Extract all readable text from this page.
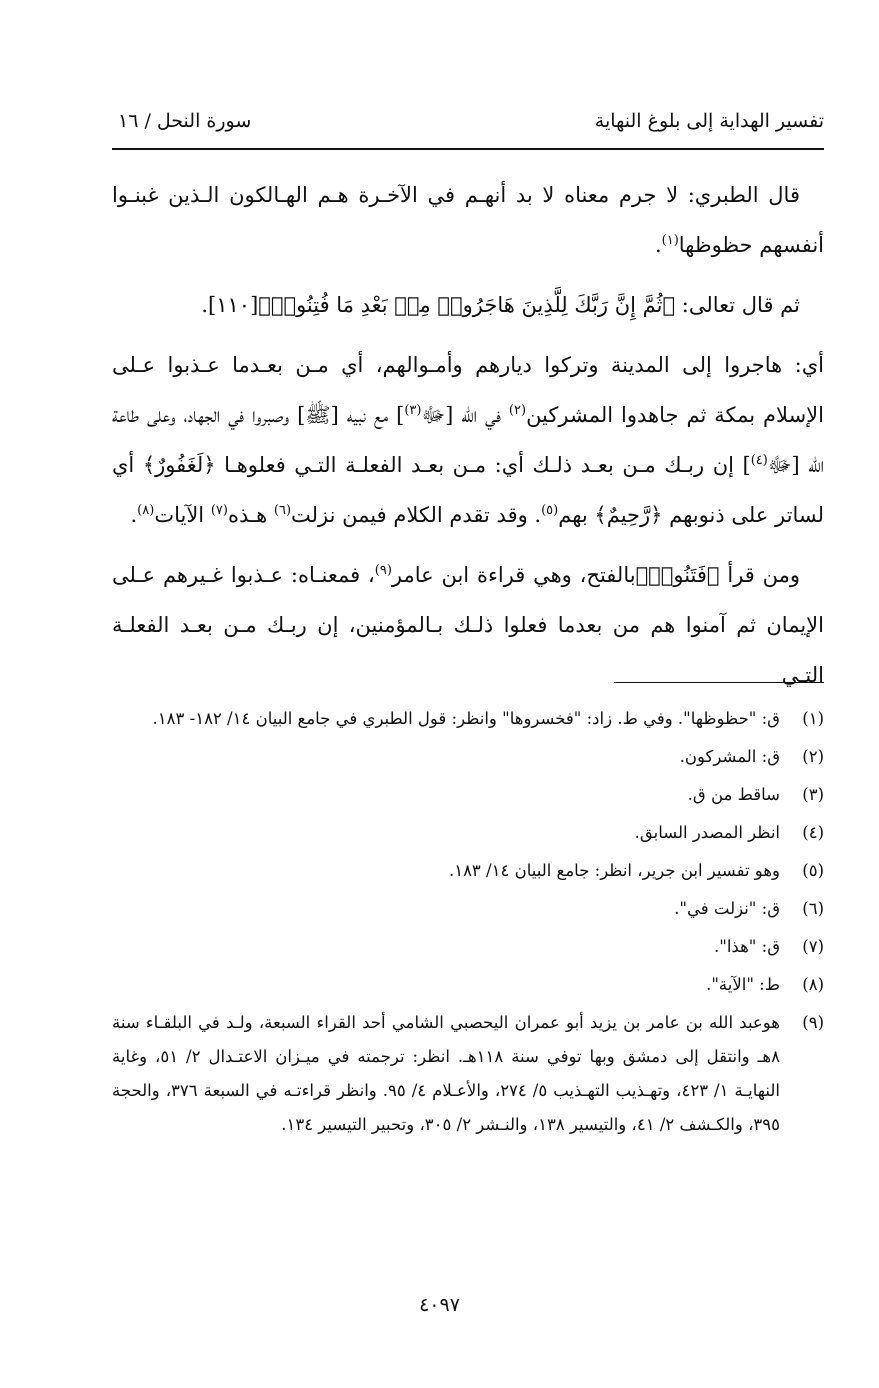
تفسير الهداية إلى بلوغ النهاية
سورة النحل / ١٦

قال الطبري: لا جرم معناه لا بد أنهـم في الآخـرة هـم الهـالكون الـذين غبنـوا أنفسهم حظوظها$^{(١)}$.

ثم قال تعالى: ﴿ثُمَّ إِنَّ رَبَّكَ لِلَّذِينَ هَاجَرُوا۟ مِنۢ بَعْدِ مَا فُتِنُوا۟﴾[١١٠].

أي: هاجروا إلى المدينة وتركوا ديارهم وأمـوالهم، أي مـن بعـدما عـذبوا عـلى الإسلام بمكة ثم جاهدوا المشركين$^{(٢)}$ في الله [ﷻ$^{(٣)}$] مع نبيه [ﷺ] وصبروا في الجهاد، وعلى طاعة الله [ﷻ$^{(٤)}$] إن ربـك مـن بعـد ذلـك أي: مـن بعـد الفعلـة التـي فعلوهـا ﴿لَغَفُورٌ﴾ أي لساتر على ذنوبهم ﴿رَّحِيمٌ﴾ بهم$^{(٥)}$. وقد تقدم الكلام فيمن نزلت$^{(٦)}$ هـذه$^{(٧)}$ الآيات$^{(٨)}$.

ومن قرأ ﴿فَتَنُوا۟﴾بالفتح، وهي قراءة ابن عامر$^{(٩)}$، فمعنـاه: عـذبوا غـيرهم عـلى الإيمان ثم آمنوا هم من بعدما فعلوا ذلـك بـالمؤمنين، إن ربـك مـن بعـد الفعلـة التـي

(١)
ق: "حظوظها". وفي ط. زاد: "فخسروها" وانظر: قول الطبري في جامع البيان ١٤/ ١٨٢- ١٨٣.
(٢)
ق: المشركون.
(٣)
ساقط من ق.
(٤)
انظر المصدر السابق.
(٥)
وهو تفسير ابن جرير، انظر: جامع البيان ١٤/ ١٨٣.
(٦)
ق: "نزلت في".
(٧)
ق: "هذا".
(٨)
ط: "الآية".
(٩)
هوعبد الله بن عامر بن يزيد أبو عمران اليحصبي الشامي أحد القراء السبعة، ولـد في البلقـاء سنة ٨هـ وانتقل إلى دمشق وبها توفي سنة ١١٨هـ. انظر: ترجمته في ميـزان الاعتـدال ٢/ ٥١، وغاية النهايـة ١/ ٤٢٣، وتهـذيب التهـذيب ٥/ ٢٧٤، والأعـلام ٤/ ٩٥. وانظر قراءتـه في السبعة ٣٧٦، والحجة ٣٩٥، والكـشف ٢/ ٤١، والتيسير ١٣٨، والنـشر ٢/ ٣٠٥، وتحبير التيسير ١٣٤.
٤٠٩٧
